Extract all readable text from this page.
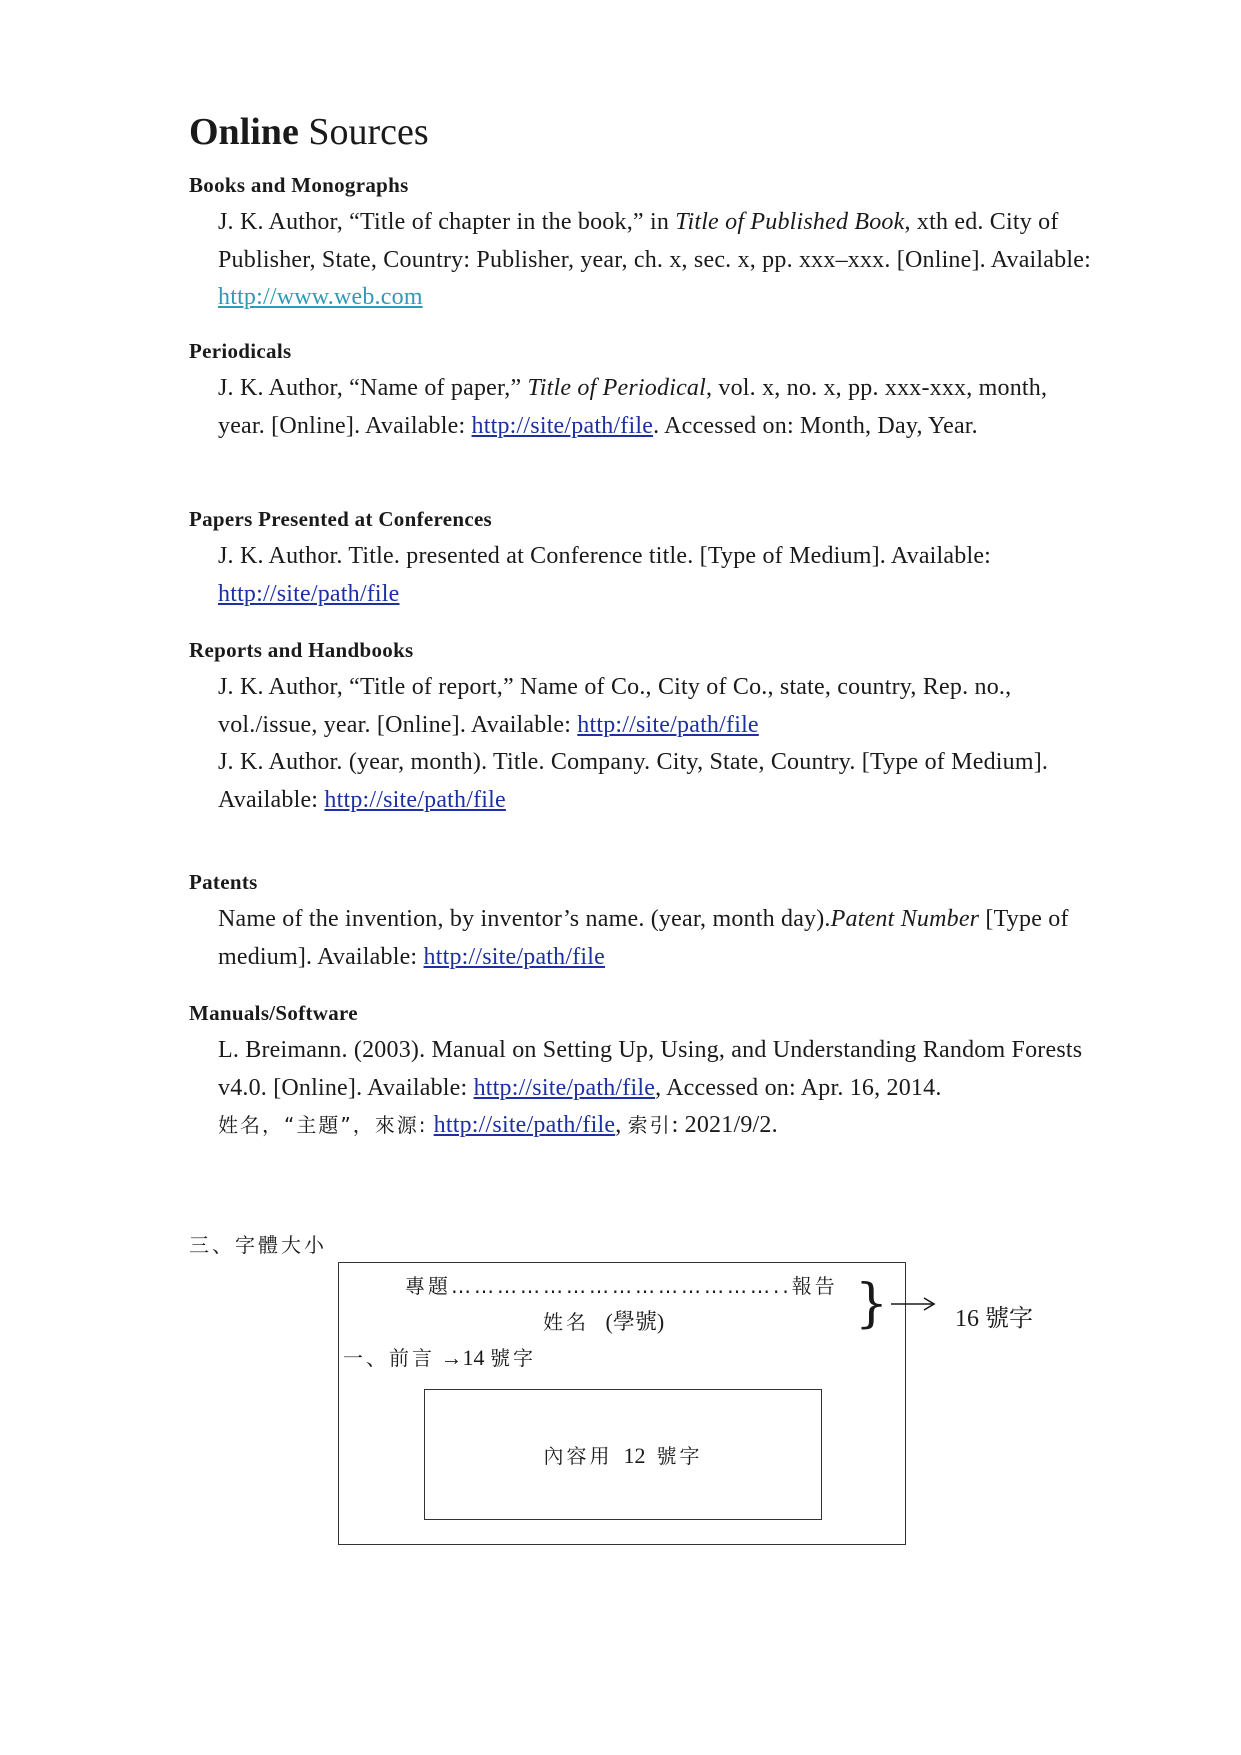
Online Sources

Books and Monographs

J. K. Author, “Title of chapter in the book,” in Title of Published Book, xth ed. City of Publisher, State, Country: Publisher, year, ch. x, sec. x, pp. xxx–xxx. [Online]. Available: http://www.web.com

Periodicals

J. K. Author, “Name of paper,” Title of Periodical, vol. x, no. x, pp. xxx-xxx, month, year. [Online]. Available: http://site/path/file. Accessed on: Month, Day, Year.

Papers Presented at Conferences

J. K. Author. Title. presented at Conference title. [Type of Medium]. Available: http://site/path/file

Reports and Handbooks

J. K. Author, “Title of report,” Name of Co., City of Co., state, country, Rep. no., vol./issue, year. [Online]. Available: http://site/path/file

J. K. Author. (year, month). Title. Company. City, State, Country. [Type of Medium]. Available: http://site/path/file

Patents

Name of the invention, by inventor’s name. (year, month day).Patent Number [Type of medium]. Available: http://site/path/file

Manuals/Software

L. Breimann. (2003). Manual on Setting Up, Using, and Understanding Random Forests v4.0. [Online]. Available: http://site/path/file, Accessed on: Apr. 16, 2014.

姓名，“主題”，來源: http://site/path/file, 索引: 2021/9/2.

三、字體大小
專題……………………………………..報告
姓名 (學號)
一、前言 →14 號字
內容用 12 號字
}	16 號字
